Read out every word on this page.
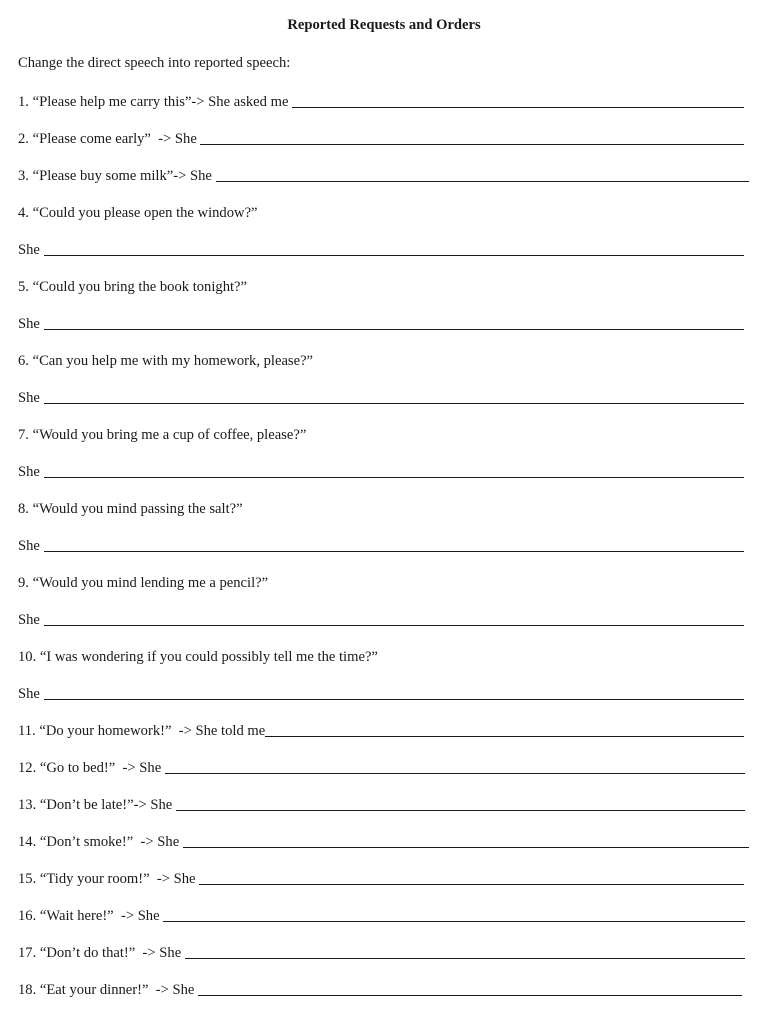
Reported Requests and Orders
Change the direct speech into reported speech:
1. “Please help me carry this”-> She asked me
2. “Please come early”  -> She
3. “Please buy some milk”-> She
4. “Could you please open the window?”
She
5. “Could you bring the book tonight?”
She
6. “Can you help me with my homework, please?”
She
7. “Would you bring me a cup of coffee, please?”
She
8. “Would you mind passing the salt?”
She
9. “Would you mind lending me a pencil?”
She
10. “I was wondering if you could possibly tell me the time?”
She
11. “Do your homework!”  -> She told me
12. “Go to bed!”  -> She
13. “Don’t be late!”-> She
14. “Don’t smoke!”  -> She
15. “Tidy your room!”  -> She
16. “Wait here!”  -> She
17. “Don’t do that!”  -> She
18. “Eat your dinner!”  -> She
